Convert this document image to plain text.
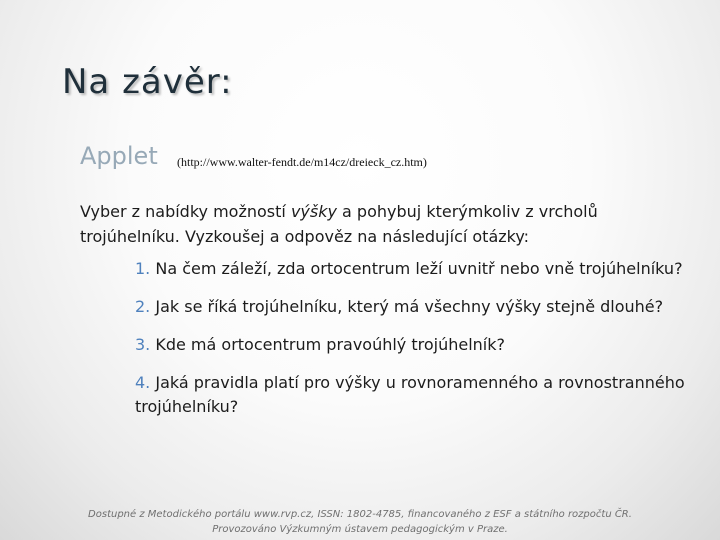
Na závěr:
Applet (http://www.walter-fendt.de/m14cz/dreieck_cz.htm)
Vyber z nabídky možností výšky a pohybuj kterýmkoliv z vrcholů trojúhelníku. Vyzkoušej a odpověz na následující otázky:

1. Na čem záleží, zda ortocentrum leží uvnitř nebo vně trojúhelníku?

2. Jak se říká trojúhelníku, který má všechny výšky stejně dlouhé?

3. Kde má ortocentrum pravoúhlý trojúhelník?

4. Jaká pravidla platí pro výšky u rovnoramenného a rovnostranného trojúhelníku?

Dostupné z Metodického portálu www.rvp.cz, ISSN: 1802-4785, financovaného z ESF a státního rozpočtu ČR.
Provozováno Výzkumným ústavem pedagogickým v Praze.
